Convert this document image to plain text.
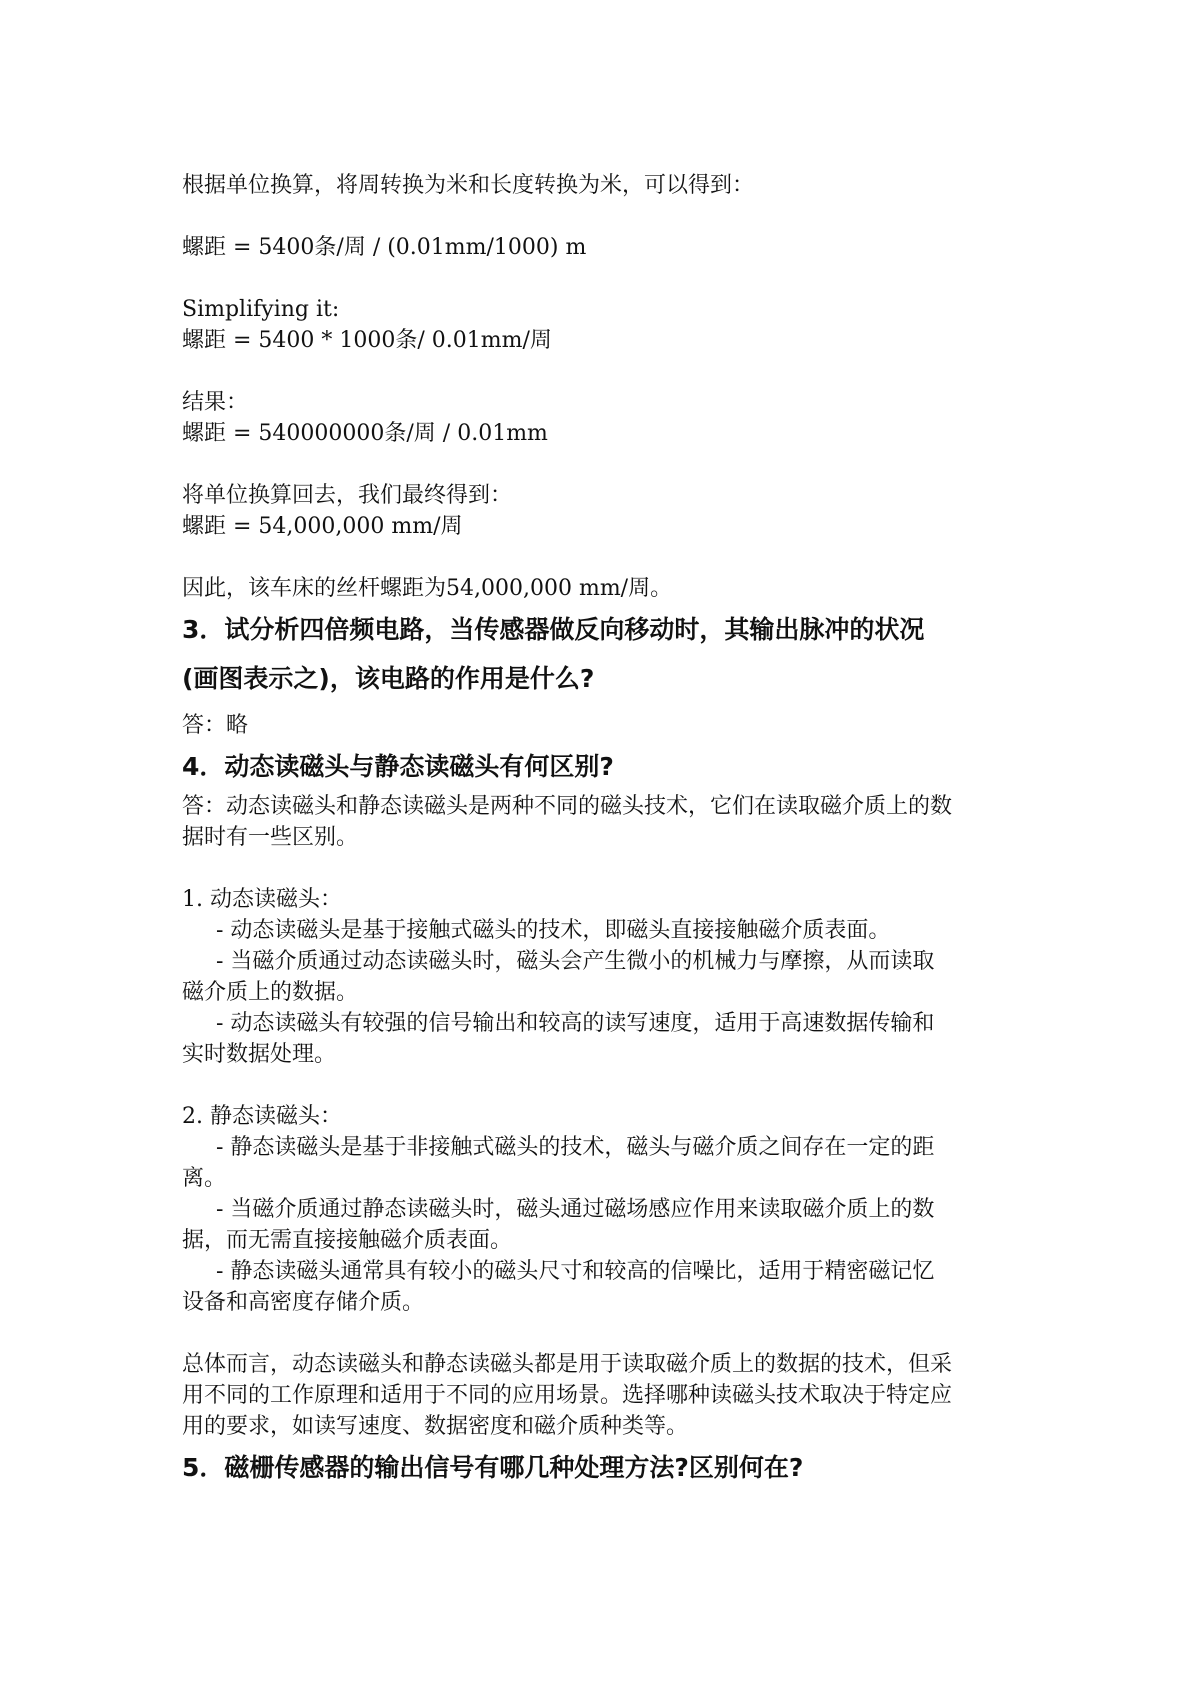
根据单位换算，将周转换为米和长度转换为米，可以得到：

螺距 = 5400条/周 / (0.01mm/1000) m

Simplifying it:

螺距 = 5400 * 1000条/ 0.01mm/周

结果：

螺距 = 540000000条/周 / 0.01mm

将单位换算回去，我们最终得到：

螺距 = 54,000,000 mm/周

因此，该车床的丝杆螺距为54,000,000 mm/周。

3．试分析四倍频电路，当传感器做反向移动时，其输出脉冲的状况
(画图表示之)，该电路的作用是什么?

答：略

4．动态读磁头与静态读磁头有何区别?

答：动态读磁头和静态读磁头是两种不同的磁头技术，它们在读取磁介质上的数

据时有一些区别。

1. 动态读磁头：

- 动态读磁头是基于接触式磁头的技术，即磁头直接接触磁介质表面。

- 当磁介质通过动态读磁头时，磁头会产生微小的机械力与摩擦，从而读取

磁介质上的数据。

- 动态读磁头有较强的信号输出和较高的读写速度，适用于高速数据传输和

实时数据处理。

2. 静态读磁头：

- 静态读磁头是基于非接触式磁头的技术，磁头与磁介质之间存在一定的距

离。

- 当磁介质通过静态读磁头时，磁头通过磁场感应作用来读取磁介质上的数

据，而无需直接接触磁介质表面。

- 静态读磁头通常具有较小的磁头尺寸和较高的信噪比，适用于精密磁记忆

设备和高密度存储介质。

总体而言，动态读磁头和静态读磁头都是用于读取磁介质上的数据的技术，但采

用不同的工作原理和适用于不同的应用场景。选择哪种读磁头技术取决于特定应

用的要求，如读写速度、数据密度和磁介质种类等。

5．磁栅传感器的输出信号有哪几种处理方法?区别何在?
